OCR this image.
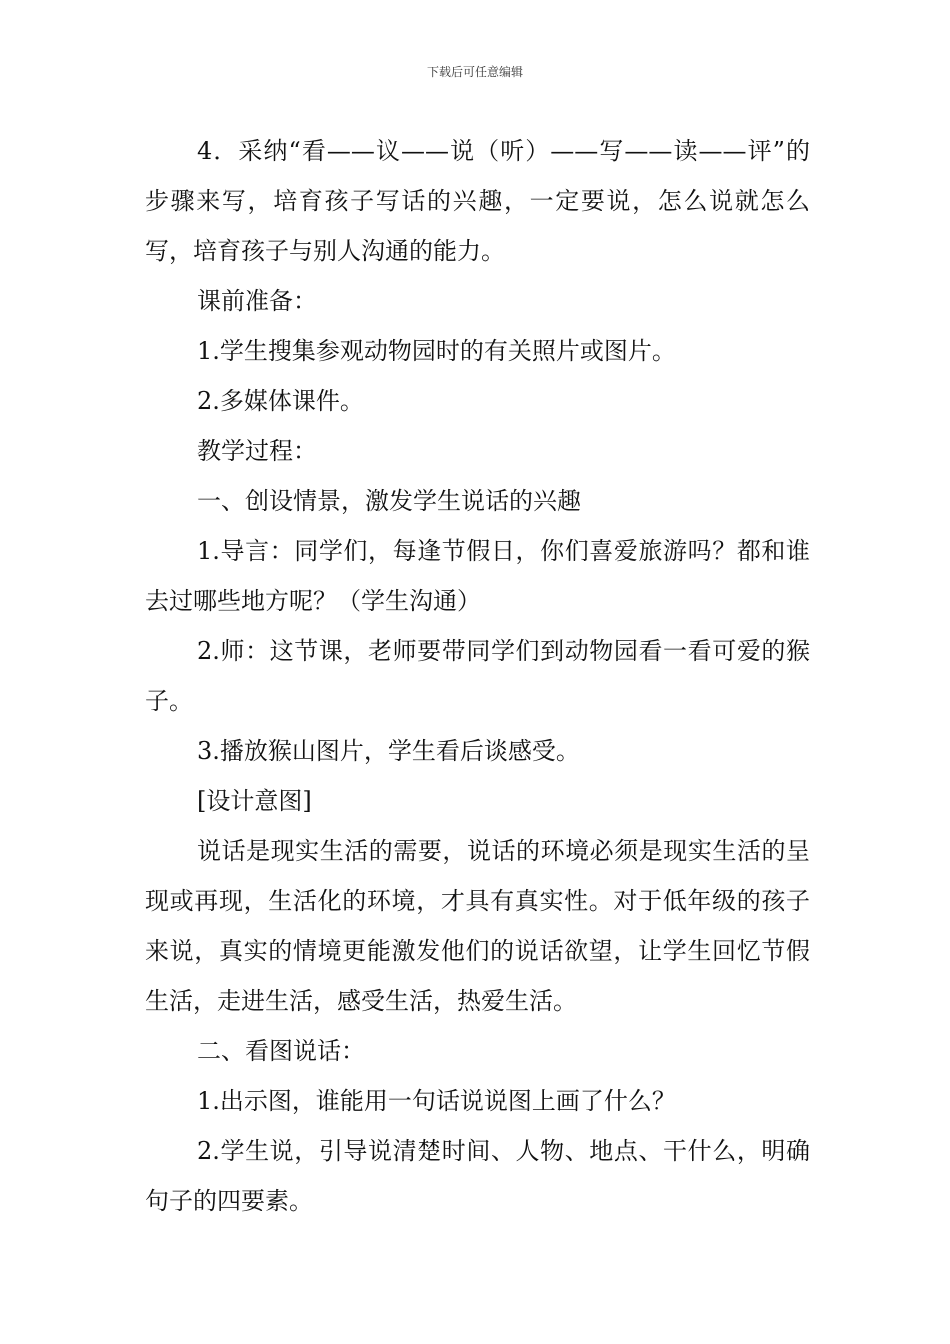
下载后可任意编辑

4．采纳“看——议——说（听）——写——读——评”的步骤来写，培育孩子写话的兴趣，一定要说，怎么说就怎么写，培育孩子与别人沟通的能力。

课前准备：

1.学生搜集参观动物园时的有关照片或图片。

2.多媒体课件。

教学过程：

一、创设情景，激发学生说话的兴趣

1.导言：同学们，每逢节假日，你们喜爱旅游吗？都和谁去过哪些地方呢？（学生沟通）

2.师：这节课，老师要带同学们到动物园看一看可爱的猴子。

3.播放猴山图片，学生看后谈感受。

[设计意图]

说话是现实生活的需要，说话的环境必须是现实生活的呈现或再现，生活化的环境，才具有真实性。对于低年级的孩子来说，真实的情境更能激发他们的说话欲望，让学生回忆节假生活，走进生活，感受生活，热爱生活。

二、看图说话：

1.出示图，谁能用一句话说说图上画了什么？

2.学生说，引导说清楚时间、人物、地点、干什么，明确句子的四要素。
